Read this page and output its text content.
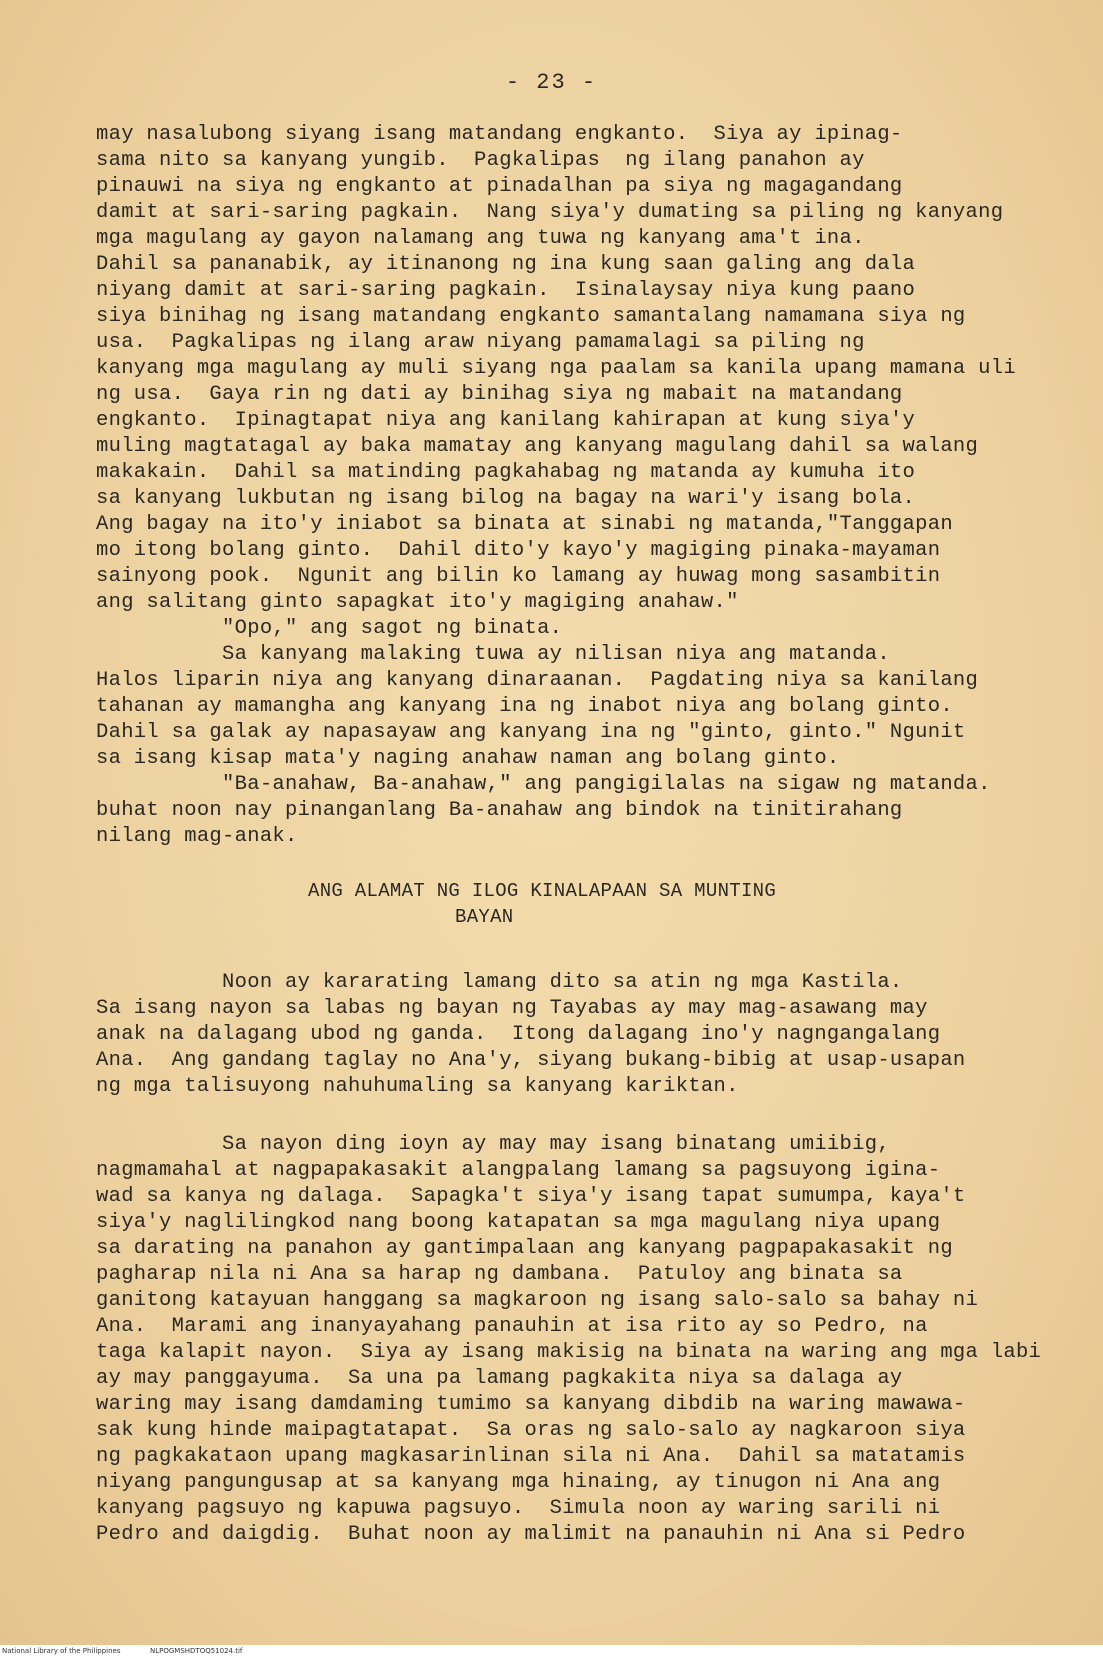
- 23 -
may nasalubong siyang isang matandang engkanto.  Siya ay ipinag-
sama nito sa kanyang yungib.  Pagkalipas  ng ilang panahon ay
pinauwi na siya ng engkanto at pinadalhan pa siya ng magagandang
damit at sari-saring pagkain.  Nang siya'y dumating sa piling ng kanyang
mga magulang ay gayon nalamang ang tuwa ng kanyang ama't ina.
Dahil sa pananabik, ay itinanong ng ina kung saan galing ang dala
niyang damit at sari-saring pagkain.  Isinalaysay niya kung paano
siya binihag ng isang matandang engkanto samantalang namamana siya ng
usa.  Pagkalipas ng ilang araw niyang pamamalagi sa piling ng
kanyang mga magulang ay muli siyang nga paalam sa kanila upang mamana uli
ng usa.  Gaya rin ng dati ay binihag siya ng mabait na matandang
engkanto.  Ipinagtapat niya ang kanilang kahirapan at kung siya'y
muling magtatagal ay baka mamatay ang kanyang magulang dahil sa walang
makakain.  Dahil sa matinding pagkahabag ng matanda ay kumuha ito
sa kanyang lukbutan ng isang bilog na bagay na wari'y isang bola.
Ang bagay na ito'y iniabot sa binata at sinabi ng matanda,"Tanggapan
mo itong bolang ginto.  Dahil dito'y kayo'y magiging pinaka-mayaman
sainyong pook.  Ngunit ang bilin ko lamang ay huwag mong sasambitin
ang salitang ginto sapagkat ito'y magiging anahaw."
"Opo," ang sagot ng binata.
Sa kanyang malaking tuwa ay nilisan niya ang matanda.
Halos liparin niya ang kanyang dinaraanan.  Pagdating niya sa kanilang
tahanan ay mamangha ang kanyang ina ng inabot niya ang bolang ginto.
Dahil sa galak ay napasayaw ang kanyang ina ng "ginto, ginto." Ngunit
sa isang kisap mata'y naging anahaw naman ang bolang ginto.
"Ba-anahaw, Ba-anahaw," ang pangigilalas na sigaw ng matanda.
buhat noon nay pinanganlang Ba-anahaw ang bindok na tinitirahang
nilang mag-anak.
ANG ALAMAT NG ILOG KINALAPAAN SA MUNTING
BAYAN
Noon ay kararating lamang dito sa atin ng mga Kastila.
Sa isang nayon sa labas ng bayan ng Tayabas ay may mag-asawang may
anak na dalagang ubod ng ganda.  Itong dalagang ino'y nagngangalang
Ana.  Ang gandang taglay no Ana'y, siyang bukang-bibig at usap-usapan
ng mga talisuyong nahuhumaling sa kanyang kariktan.
Sa nayon ding ioyn ay may may isang binatang umiibig,
nagmamahal at nagpapakasakit alangpalang lamang sa pagsuyong igina-
wad sa kanya ng dalaga.  Sapagka't siya'y isang tapat sumumpa, kaya't
siya'y naglilingkod nang boong katapatan sa mga magulang niya upang
sa darating na panahon ay gantimpalaan ang kanyang pagpapakasakit ng
pagharap nila ni Ana sa harap ng dambana.  Patuloy ang binata sa
ganitong katayuan hanggang sa magkaroon ng isang salo-salo sa bahay ni
Ana.  Marami ang inanyayahang panauhin at isa rito ay so Pedro, na
taga kalapit nayon.  Siya ay isang makisig na binata na waring ang mga labi
ay may panggayuma.  Sa una pa lamang pagkakita niya sa dalaga ay
waring may isang damdaming tumimo sa kanyang dibdib na waring mawawa-
sak kung hinde maipagtatapat.  Sa oras ng salo-salo ay nagkaroon siya
ng pagkakataon upang magkasarinlinan sila ni Ana.  Dahil sa matatamis
niyang pangungusap at sa kanyang mga hinaing, ay tinugon ni Ana ang
kanyang pagsuyo ng kapuwa pagsuyo.  Simula noon ay waring sarili ni
Pedro and daigdig.  Buhat noon ay malimit na panauhin ni Ana si Pedro
National Library of the Philippines	NLPOGMSHDTOQ51024.tif
